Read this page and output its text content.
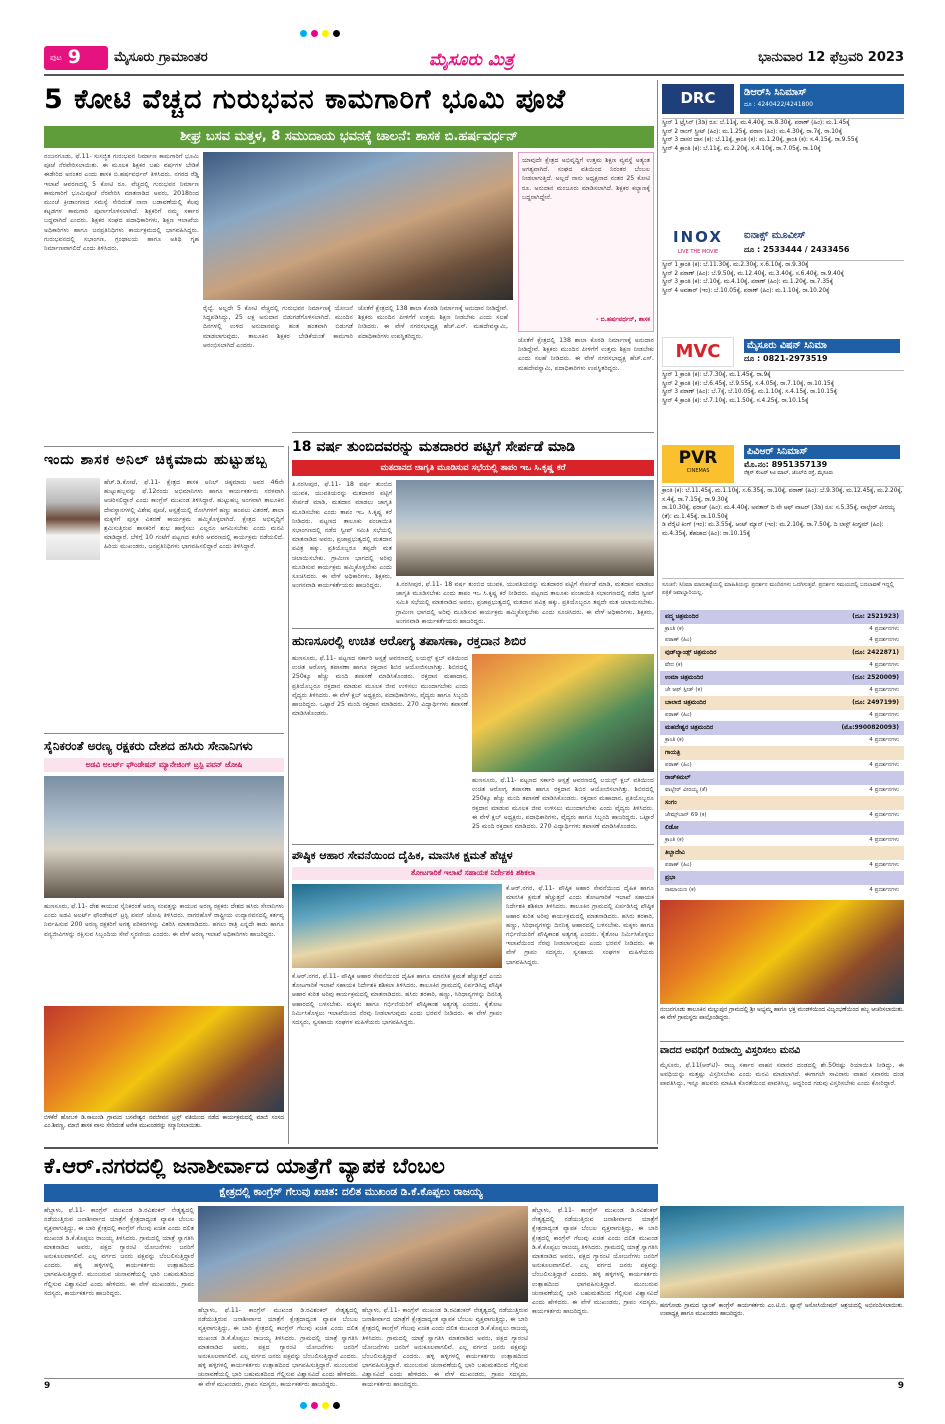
ಪುಟ 9	ಮೈಸೂರು ಗ್ರಾಮಾಂತರ	ಮೈಸೂರು ಮಿತ್ರ	ಭಾನುವಾರ 12 ಫೆಬ್ರವರಿ 2023
5 ಕೋಟಿ ವೆಚ್ಚದ ಗುರುಭವನ ಕಾಮಗಾರಿಗೆ ಭೂಮಿ ಪೂಜೆ
ಶೀಘ್ರ ಬಸವ ಮತ್ತಳ, 8 ಸಮುದಾಯ ಭವನಕ್ಕೆ ಚಾಲನೆ: ಶಾಸಕ ಬಿ.ಹರ್ಷವರ್ಧನ್
ನಂಜನಗೂಡು, ಫೆ.11- ಸುಸಜ್ಜಿತ ಗುರುಭವನ ನಿರ್ಮಾಣ ಕಾಮಗಾರಿಗೆ ಭೂಮಿ ಪೂಜೆ ನೆರವೇರಿಸಲಾಯಿತು. ಈ ಮೂಲಕ ಶಿಕ್ಷಕರ ಬಹು ವರ್ಷಗಳ ಬೇಡಿಕೆ ಈಡೇರಿದ ಅನಂತರ ಎಂದು ಶಾಸಕ ಬಿ.ಹರ್ಷವರ್ಧನ್ ತಿಳಿಸಿದರು. ನಗರದ ರೆಡ್ಡಿ ಇಲಾಖೆ ಆವರಣದಲ್ಲಿ 5 ಕೋಟಿ ರೂ. ವೆಚ್ಚದಲ್ಲಿ ಗುರುಭವನ ನಿರ್ಮಾಣ ಕಾಮಗಾರಿಗೆ ಭೂಮಿಪೂಜೆ ನೆರವೇರಿಸಿ ಮಾತನಾಡಿದ ಅವರು, 2018ರಿಂದ ಮುಂಚೆ ಕ್ರೀಡಾಂಗಣದ ಸಮಸ್ಯೆ ಸೇರಿದಂತೆ ನಾನಾ ಬಡಾವಣೆಯಲ್ಲಿ ಕೆಲವು ಕಟ್ಟಡಗಳ ಕಾಮಗಾರಿ ಪೂರ್ಣಗೊಳಿಸಲಾಗಿದೆ. ಶಿಕ್ಷಕರಿಗೆ ನಮ್ಮ ಸರ್ಕಾರ ಬದ್ಧವಾಗಿದೆ ಎಂದರು. ಶಿಕ್ಷಕರ ಸಂಘದ ಪದಾಧಿಕಾರಿಗಳು, ಶಿಕ್ಷಣ ಇಲಾಖೆಯ ಅಧಿಕಾರಿಗಳು ಹಾಗೂ ಜನಪ್ರತಿನಿಧಿಗಳು ಕಾರ್ಯಕ್ರಮದಲ್ಲಿ ಭಾಗವಹಿಸಿದ್ದರು. ಗುರುಭವನದಲ್ಲಿ ಸಭಾಂಗಣ, ಗ್ರಂಥಾಲಯ ಹಾಗೂ ಅತಿಥಿ ಗೃಹ ನಿರ್ಮಾಣವಾಗಲಿದೆ ಎಂದು ತಿಳಿಸಿದರು.
ರೈಲ್ವೆ. ಅಲ್ಲದೇ 5 ಕೋಟಿ ವೆಚ್ಚದಲ್ಲಿ ಗುರುಭವನ ನಿರ್ಮಾಣಕ್ಕೆ ಯೋಜನೆ ಸಿದ್ಧಪಡಿಸಿದ್ದು, 25 ಲಕ್ಷ ಅನುದಾನ ಬಿಡುಗಡೆಗೊಳಿಸಲಾಗಿದೆ. ಮುಂದಿನ ದಿನಗಳಲ್ಲಿ ಉಳಿದ ಅನುದಾನವನ್ನು ಹಂತ ಹಂತವಾಗಿ ಬಿಡುಗಡೆ ಮಾಡಲಾಗುವುದು. ತಾಲೂಕಿನ ಶಿಕ್ಷಕರ ಬೇಡಿಕೆಯಂತೆ ಕಾಮಗಾರಿ ಆರಂಭಿಸಲಾಗಿದೆ ಎಂದರು.
ಜೊತೆಗೆ ಕ್ಷೇತ್ರದಲ್ಲಿ 138 ಶಾಲಾ ಕೊಠಡಿ ನಿರ್ಮಾಣಕ್ಕೆ ಅನುದಾನ ನೀಡಿದ್ದೇವೆ. ಶಿಕ್ಷಕರು ಮುಂದಿನ ಪೀಳಿಗೆಗೆ ಉತ್ತಮ ಶಿಕ್ಷಣ ನೀಡಬೇಕು ಎಂದು ಸಲಹೆ ನೀಡಿದರು. ಈ ವೇಳೆ ನಗರಸಭಾಧ್ಯಕ್ಷ ಹೆಚ್.ಎಸ್. ಮಹದೇವಸ್ವಾಮಿ, ಪದಾಧಿಕಾರಿಗಳು ಉಪಸ್ಥಿತರಿದ್ದರು.
ಯಾವುದೇ ಕ್ಷೇತ್ರದ ಅಭಿವೃದ್ಧಿಗೆ ಉತ್ತಮ ಶಿಕ್ಷಣ ವ್ಯವಸ್ಥೆ ಅತ್ಯಂತ ಅಗತ್ಯವಾಗಿದೆ. ಸಂಘದ ವತಿಯಿಂದ ನಿರಂತರ ಬೆಂಬಲ ನೀಡಲಾಗುತ್ತಿದೆ. ಅಲ್ಲದೆ ನಾನು ಅಧ್ಯಕ್ಷನಾದ ನಂತರ 25 ಕೋಟಿ ರೂ. ಅನುದಾನ ಮಂಜೂರು ಮಾಡಿಸಲಾಗಿದೆ. ಶಿಕ್ಷಕರ ಕಲ್ಯಾಣಕ್ಕೆ ಬದ್ಧನಾಗಿದ್ದೇನೆ.
- ಬಿ.ಹರ್ಷವರ್ಧನ್, ಶಾಸಕ
ಜೊತೆಗೆ ಕ್ಷೇತ್ರದಲ್ಲಿ 138 ಶಾಲಾ ಕೊಠಡಿ ನಿರ್ಮಾಣಕ್ಕೆ ಅನುದಾನ ನೀಡಿದ್ದೇವೆ. ಶಿಕ್ಷಕರು ಮುಂದಿನ ಪೀಳಿಗೆಗೆ ಉತ್ತಮ ಶಿಕ್ಷಣ ನೀಡಬೇಕು ಎಂದು ಸಲಹೆ ನೀಡಿದರು. ಈ ವೇಳೆ ನಗರಸಭಾಧ್ಯಕ್ಷ ಹೆಚ್.ಎಸ್. ಮಹದೇವಸ್ವಾಮಿ, ಪದಾಧಿಕಾರಿಗಳು ಉಪಸ್ಥಿತರಿದ್ದರು.
ಇಂದು ಶಾಸಕ ಅನಿಲ್ ಚಿಕ್ಕಮಾದು ಹುಟ್ಟುಹಬ್ಬ
ಹೆಚ್.ಡಿ.ಕೋಟೆ, ಫೆ.11- ಕ್ಷೇತ್ರದ ಶಾಸಕ ಅನಿಲ್ ಚಿಕ್ಕಮಾದು ಅವರ 46ನೇ ಹುಟ್ಟುಹಬ್ಬವನ್ನು ಫೆ.12ರಂದು ಅಭಿಮಾನಿಗಳು ಹಾಗೂ ಕಾರ್ಯಕರ್ತರು ಸರಳವಾಗಿ ಆಚರಿಸಲಿದ್ದಾರೆ ಎಂದು ಕಾಂಗ್ರೆಸ್ ಮುಖಂಡ ತಿಳಿಸಿದ್ದಾರೆ. ಹುಟ್ಟುಹಬ್ಬ ಅಂಗವಾಗಿ ತಾಲೂಕಿನ ದೇವಸ್ಥಾನಗಳಲ್ಲಿ ವಿಶೇಷ ಪೂಜೆ, ಆಸ್ಪತ್ರೆಯಲ್ಲಿ ರೋಗಿಗಳಿಗೆ ಹಣ್ಣು ಹಂಪಲು ವಿತರಣೆ, ಶಾಲಾ ಮಕ್ಕಳಿಗೆ ಪುಸ್ತಕ ವಿತರಣೆ ಕಾರ್ಯಕ್ರಮ ಹಮ್ಮಿಕೊಳ್ಳಲಾಗಿದೆ. ಕ್ಷೇತ್ರದ ಅಭಿವೃದ್ಧಿಗೆ ಶ್ರಮಿಸುತ್ತಿರುವ ಶಾಸಕರಿಗೆ ಶುಭ ಹಾರೈಸಲು ಎಲ್ಲರೂ ಆಗಮಿಸಬೇಕು ಎಂದು ಮನವಿ ಮಾಡಿದ್ದಾರೆ. ಬೆಳಿಗ್ಗೆ 10 ಗಂಟೆಗೆ ಪಟ್ಟಣದ ಕಚೇರಿ ಆವರಣದಲ್ಲಿ ಕಾರ್ಯಕ್ರಮ ನಡೆಯಲಿದೆ. ಹಿರಿಯ ಮುಖಂಡರು, ಜನಪ್ರತಿನಿಧಿಗಳು ಭಾಗವಹಿಸಲಿದ್ದಾರೆ ಎಂದು ತಿಳಿಸಿದ್ದಾರೆ.
ಸೈನಿಕರಂತೆ ಅರಣ್ಯ ರಕ್ಷಕರು ದೇಶದ ಹಸಿರು ಸೇನಾನಿಗಳು
ಅಡವಿ ಅಲರ್ಟ್ ಫೌಂಡೇಷನ್ ಮ್ಯಾನೇಜಿಂಗ್ ಟ್ರಸ್ಟಿ ಪವನ್ ಜೋಷಿ
ಹುಣಸೂರು, ಫೆ.11- ದೇಶ ಕಾಯುವ ಸೈನಿಕರಂತೆ ಅರಣ್ಯ ಸಂಪತ್ತನ್ನು ಕಾಯುವ ಅರಣ್ಯ ರಕ್ಷಕರು ದೇಶದ ಹಸಿರು ಸೇನಾನಿಗಳು ಎಂದು ಅಡವಿ ಅಲರ್ಟ್ ಫೌಂಡೇಷನ್ ಟ್ರಸ್ಟಿ ಪವನ್ ಜೋಷಿ ತಿಳಿಸಿದರು. ನಾಗರಹೊಳೆ ರಾಷ್ಟ್ರೀಯ ಉದ್ಯಾನವನದಲ್ಲಿ ಕರ್ತವ್ಯ ನಿರ್ವಹಿಸುವ 200 ಅರಣ್ಯ ರಕ್ಷಕರಿಗೆ ಅಗತ್ಯ ಪರಿಕರಗಳನ್ನು ವಿತರಿಸಿ ಮಾತನಾಡಿದರು. ಹಗಲು ರಾತ್ರಿ ಎನ್ನದೇ ಕಾಡು ಹಾಗೂ ವನ್ಯಜೀವಿಗಳನ್ನು ರಕ್ಷಿಸುವ ಸಿಬ್ಬಂದಿಯ ಸೇವೆ ಸ್ಮರಣೀಯ ಎಂದರು. ಈ ವೇಳೆ ಅರಣ್ಯ ಇಲಾಖೆ ಅಧಿಕಾರಿಗಳು ಹಾಜರಿದ್ದರು.
ಬಿಳಿಕೆರೆ ಹೋಬಳಿ ಡಿ.ಸಾಲುಂಡಿ ಗ್ರಾಮದ ಬಸವೇಶ್ವರ ನವಜೀವನ ಟ್ರಸ್ಟ್ ವತಿಯಿಂದ ನಡೆದ ಕಾರ್ಯಕ್ರಮದಲ್ಲಿ ಮಾಜಿ ಸಂಸದ ಎಂ.ಶಿವಣ್ಣ, ಮಾಜಿ ಶಾಸಕ ವಾಸು ಸೇರಿದಂತೆ ಅನೇಕ ಮುಖಂಡರನ್ನು ಸನ್ಮಾನಿಸಲಾಯಿತು.
18 ವರ್ಷ ತುಂಬಿದವರನ್ನು ಮತದಾರರ ಪಟ್ಟಿಗೆ ಸೇರ್ಪಡೆ ಮಾಡಿ
ಮತದಾನದ ಜಾಗೃತಿ ಮೂಡಿಸುವ ಸಭೆಯಲ್ಲಿ ತಾಪಂ ಇಒ ಸಿ.ಕೃಷ್ಣ ಕರೆ
ತಿ.ನರಸೀಪುರ, ಫೆ.11- 18 ವರ್ಷ ತುಂಬಿದ ಯುವಕ, ಯುವತಿಯರನ್ನು ಮತದಾರರ ಪಟ್ಟಿಗೆ ಸೇರ್ಪಡೆ ಮಾಡಿ, ಮತದಾನ ಮಾಡಲು ಜಾಗೃತಿ ಮೂಡಿಸಬೇಕು ಎಂದು ತಾಪಂ ಇಒ ಸಿ.ಕೃಷ್ಣ ಕರೆ ನೀಡಿದರು. ಪಟ್ಟಣದ ತಾಲೂಕು ಪಂಚಾಯಿತಿ ಸಭಾಂಗಣದಲ್ಲಿ ನಡೆದ ಸ್ವೀಪ್ ಸಮಿತಿ ಸಭೆಯಲ್ಲಿ ಮಾತನಾಡಿದ ಅವರು, ಪ್ರಜಾಪ್ರಭುತ್ವದಲ್ಲಿ ಮತದಾನ ಪವಿತ್ರ ಹಕ್ಕು. ಪ್ರತಿಯೊಬ್ಬರೂ ತಪ್ಪದೇ ಮತ ಚಲಾಯಿಸಬೇಕು. ಗ್ರಾಮೀಣ ಭಾಗದಲ್ಲಿ ಅರಿವು ಮೂಡಿಸುವ ಕಾರ್ಯಕ್ರಮ ಹಮ್ಮಿಕೊಳ್ಳಬೇಕು ಎಂದು ಸೂಚಿಸಿದರು. ಈ ವೇಳೆ ಅಧಿಕಾರಿಗಳು, ಶಿಕ್ಷಕರು, ಅಂಗನವಾಡಿ ಕಾರ್ಯಕರ್ತೆಯರು ಹಾಜರಿದ್ದರು.	ತಿ.ನರಸೀಪುರ, ಫೆ.11- 18 ವರ್ಷ ತುಂಬಿದ ಯುವಕ, ಯುವತಿಯರನ್ನು ಮತದಾರರ ಪಟ್ಟಿಗೆ ಸೇರ್ಪಡೆ ಮಾಡಿ, ಮತದಾನ ಮಾಡಲು ಜಾಗೃತಿ ಮೂಡಿಸಬೇಕು ಎಂದು ತಾಪಂ ಇಒ ಸಿ.ಕೃಷ್ಣ ಕರೆ ನೀಡಿದರು. ಪಟ್ಟಣದ ತಾಲೂಕು ಪಂಚಾಯಿತಿ ಸಭಾಂಗಣದಲ್ಲಿ ನಡೆದ ಸ್ವೀಪ್ ಸಮಿತಿ ಸಭೆಯಲ್ಲಿ ಮಾತನಾಡಿದ ಅವರು, ಪ್ರಜಾಪ್ರಭುತ್ವದಲ್ಲಿ ಮತದಾನ ಪವಿತ್ರ ಹಕ್ಕು. ಪ್ರತಿಯೊಬ್ಬರೂ ತಪ್ಪದೇ ಮತ ಚಲಾಯಿಸಬೇಕು. ಗ್ರಾಮೀಣ ಭಾಗದಲ್ಲಿ ಅರಿವು ಮೂಡಿಸುವ ಕಾರ್ಯಕ್ರಮ ಹಮ್ಮಿಕೊಳ್ಳಬೇಕು ಎಂದು ಸೂಚಿಸಿದರು. ಈ ವೇಳೆ ಅಧಿಕಾರಿಗಳು, ಶಿಕ್ಷಕರು, ಅಂಗನವಾಡಿ ಕಾರ್ಯಕರ್ತೆಯರು ಹಾಜರಿದ್ದರು.
ಹುಣಸೂರಲ್ಲಿ ಉಚಿತ ಆರೋಗ್ಯ ತಪಾಸಣಾ, ರಕ್ತದಾನ ಶಿಬಿರ
ಹುಣಸೂರು, ಫೆ.11- ಪಟ್ಟಣದ ಸರ್ಕಾರಿ ಆಸ್ಪತ್ರೆ ಆವರಣದಲ್ಲಿ ಲಯನ್ಸ್ ಕ್ಲಬ್ ವತಿಯಿಂದ ಉಚಿತ ಆರೋಗ್ಯ ತಪಾಸಣಾ ಹಾಗೂ ರಕ್ತದಾನ ಶಿಬಿರ ಆಯೋಜಿಸಲಾಗಿತ್ತು. ಶಿಬಿರದಲ್ಲಿ 250ಕ್ಕೂ ಹೆಚ್ಚು ಮಂದಿ ತಪಾಸಣೆ ಮಾಡಿಸಿಕೊಂಡರು. ರಕ್ತದಾನ ಮಹಾದಾನ, ಪ್ರತಿಯೊಬ್ಬರೂ ರಕ್ತದಾನ ಮಾಡುವ ಮೂಲಕ ಜೀವ ಉಳಿಸಲು ಮುಂದಾಗಬೇಕು ಎಂದು ವೈದ್ಯರು ತಿಳಿಸಿದರು. ಈ ವೇಳೆ ಕ್ಲಬ್ ಅಧ್ಯಕ್ಷರು, ಪದಾಧಿಕಾರಿಗಳು, ವೈದ್ಯರು ಹಾಗೂ ಸಿಬ್ಬಂದಿ ಹಾಜರಿದ್ದರು. ಒಟ್ಟಾರೆ 25 ಮಂದಿ ರಕ್ತದಾನ ಮಾಡಿದರು. 270 ವಿದ್ಯಾರ್ಥಿಗಳು ತಪಾಸಣೆ ಮಾಡಿಸಿಕೊಂಡರು.
ಹುಣಸೂರು, ಫೆ.11- ಪಟ್ಟಣದ ಸರ್ಕಾರಿ ಆಸ್ಪತ್ರೆ ಆವರಣದಲ್ಲಿ ಲಯನ್ಸ್ ಕ್ಲಬ್ ವತಿಯಿಂದ ಉಚಿತ ಆರೋಗ್ಯ ತಪಾಸಣಾ ಹಾಗೂ ರಕ್ತದಾನ ಶಿಬಿರ ಆಯೋಜಿಸಲಾಗಿತ್ತು. ಶಿಬಿರದಲ್ಲಿ 250ಕ್ಕೂ ಹೆಚ್ಚು ಮಂದಿ ತಪಾಸಣೆ ಮಾಡಿಸಿಕೊಂಡರು. ರಕ್ತದಾನ ಮಹಾದಾನ, ಪ್ರತಿಯೊಬ್ಬರೂ ರಕ್ತದಾನ ಮಾಡುವ ಮೂಲಕ ಜೀವ ಉಳಿಸಲು ಮುಂದಾಗಬೇಕು ಎಂದು ವೈದ್ಯರು ತಿಳಿಸಿದರು. ಈ ವೇಳೆ ಕ್ಲಬ್ ಅಧ್ಯಕ್ಷರು, ಪದಾಧಿಕಾರಿಗಳು, ವೈದ್ಯರು ಹಾಗೂ ಸಿಬ್ಬಂದಿ ಹಾಜರಿದ್ದರು. ಒಟ್ಟಾರೆ 25 ಮಂದಿ ರಕ್ತದಾನ ಮಾಡಿದರು. 270 ವಿದ್ಯಾರ್ಥಿಗಳು ತಪಾಸಣೆ ಮಾಡಿಸಿಕೊಂಡರು.
ಪೌಷ್ಠಿಕ ಆಹಾರ ಸೇವನೆಯಿಂದ ದೈಹಿಕ, ಮಾನಸಿಕ ಕ್ಷಮತೆ ಹೆಚ್ಚಳ
ತೋಟಗಾರಿಕೆ ಇಲಾಖೆ ಸಹಾಯಕ ನಿರ್ದೇಶಕಿ ಶಶಿಕಲಾ
ಕೆ.ಆರ್.ನಗರ, ಫೆ.11- ಪೌಷ್ಠಿಕ ಆಹಾರ ಸೇವನೆಯಿಂದ ದೈಹಿಕ ಹಾಗೂ ಮಾನಸಿಕ ಕ್ಷಮತೆ ಹೆಚ್ಚುತ್ತದೆ ಎಂದು ತೋಟಗಾರಿಕೆ ಇಲಾಖೆ ಸಹಾಯಕ ನಿರ್ದೇಶಕಿ ಶಶಿಕಲಾ ತಿಳಿಸಿದರು. ತಾಲೂಕಿನ ಗ್ರಾಮದಲ್ಲಿ ಏರ್ಪಡಿಸಿದ್ದ ಪೌಷ್ಠಿಕ ಆಹಾರ ಕುರಿತ ಅರಿವು ಕಾರ್ಯಕ್ರಮದಲ್ಲಿ ಮಾತನಾಡಿದರು. ಹಸಿರು ತರಕಾರಿ, ಹಣ್ಣು, ಸಿರಿಧಾನ್ಯಗಳನ್ನು ದಿನನಿತ್ಯ ಆಹಾರದಲ್ಲಿ ಬಳಸಬೇಕು. ಮಕ್ಕಳು ಹಾಗೂ ಗರ್ಭಿಣಿಯರಿಗೆ ಪೌಷ್ಠಿಕಾಂಶ ಅತ್ಯಗತ್ಯ ಎಂದರು. ಕೈತೋಟ ನಿರ್ಮಿಸಿಕೊಳ್ಳಲು ಇಲಾಖೆಯಿಂದ ನೆರವು ನೀಡಲಾಗುವುದು ಎಂದು ಭರವಸೆ ನೀಡಿದರು. ಈ ವೇಳೆ ಗ್ರಾಪಂ ಸದಸ್ಯರು, ಸ್ವಸಹಾಯ ಸಂಘಗಳ ಮಹಿಳೆಯರು ಭಾಗವಹಿಸಿದ್ದರು.
ಕೆ.ಆರ್.ನಗರ, ಫೆ.11- ಪೌಷ್ಠಿಕ ಆಹಾರ ಸೇವನೆಯಿಂದ ದೈಹಿಕ ಹಾಗೂ ಮಾನಸಿಕ ಕ್ಷಮತೆ ಹೆಚ್ಚುತ್ತದೆ ಎಂದು ತೋಟಗಾರಿಕೆ ಇಲಾಖೆ ಸಹಾಯಕ ನಿರ್ದೇಶಕಿ ಶಶಿಕಲಾ ತಿಳಿಸಿದರು. ತಾಲೂಕಿನ ಗ್ರಾಮದಲ್ಲಿ ಏರ್ಪಡಿಸಿದ್ದ ಪೌಷ್ಠಿಕ ಆಹಾರ ಕುರಿತ ಅರಿವು ಕಾರ್ಯಕ್ರಮದಲ್ಲಿ ಮಾತನಾಡಿದರು. ಹಸಿರು ತರಕಾರಿ, ಹಣ್ಣು, ಸಿರಿಧಾನ್ಯಗಳನ್ನು ದಿನನಿತ್ಯ ಆಹಾರದಲ್ಲಿ ಬಳಸಬೇಕು. ಮಕ್ಕಳು ಹಾಗೂ ಗರ್ಭಿಣಿಯರಿಗೆ ಪೌಷ್ಠಿಕಾಂಶ ಅತ್ಯಗತ್ಯ ಎಂದರು. ಕೈತೋಟ ನಿರ್ಮಿಸಿಕೊಳ್ಳಲು ಇಲಾಖೆಯಿಂದ ನೆರವು ನೀಡಲಾಗುವುದು ಎಂದು ಭರವಸೆ ನೀಡಿದರು. ಈ ವೇಳೆ ಗ್ರಾಪಂ ಸದಸ್ಯರು, ಸ್ವಸಹಾಯ ಸಂಘಗಳ ಮಹಿಳೆಯರು ಭಾಗವಹಿಸಿದ್ದರು.
DRC	ಡಿಆರ್‌ಸಿ ಸಿನಿಮಾಸ್
ದೂ : 4240422/4241800
ಸ್ಕ್ರೀನ್ 1 ಟ್ರೈಸಿನ್ (3ಡಿ) ರೂ: ಬೆ.11ಕ್ಕೆ, ಮ.4.40ಕ್ಕೆ, ರಾ.8.30ಕ್ಕೆ, ಪಠಾಣ್ (ಹಿಂ): ಮ.1.45ಕ್ಕೆ
ಸ್ಕ್ರೀನ್ 2 ರಾಂಗ್ ಸ್ಟ್ರೀಟ್ (ಹಿಂ): ಮ.1.25ಕ್ಕೆ, ಪಠಾಣ (ಹಿಂ): ಮ.4.30ಕ್ಕೆ, ರಾ.7ಕ್ಕೆ, ರಾ.10ಕ್ಕೆ
ಸ್ಕ್ರೀನ್ 3 ದಾಸರ ದಾಸ (ಕ): ಬೆ.11ಕ್ಕೆ, ಕ್ರಾಂತಿ (ಕ): ಮ.1.20ಕ್ಕೆ, ಕ್ರಾಂತಿ (ಕ): ಸ.4.15ಕ್ಕೆ, ರಾ.9.55ಕ್ಕೆ
ಸ್ಕ್ರೀನ್ 4 ಕ್ರಾಂತಿ (ಕ): ಬೆ.11ಕ್ಕೆ, ಮ.2.20ಕ್ಕೆ, ಸ.4.10ಕ್ಕೆ, ರಾ.7.05ಕ್ಕೆ, ರಾ.10ಕ್ಕೆ
INOX
LIVE THE MOVIE
ಐನಾಕ್ಸ್ ಮೂವೀಸ್
ದೂ : 2533444 / 2433456
ಸ್ಕ್ರೀನ್ 1 ಕ್ರಾಂತಿ (ಕ): ಬೆ.11.30ಕ್ಕೆ, ಮ.2.30ಕ್ಕೆ, ಸ.6.10ಕ್ಕೆ, ರಾ.9.30ಕ್ಕೆ
ಸ್ಕ್ರೀನ್ 2 ಪಠಾಣ್ (ಹಿಂ): ಬೆ.9.50ಕ್ಕೆ, ಮ.12.40ಕ್ಕೆ, ಮ.3.40ಕ್ಕೆ, ಸ.6.40ಕ್ಕೆ, ರಾ.9.40ಕ್ಕೆ
ಸ್ಕ್ರೀನ್ 3 ಕ್ರಾಂತಿ (ಕ): ಬೆ.10ಕ್ಕೆ, ಮ.4.10ಕ್ಕೆ, ಪಠಾಣ್ (ಹಿಂ): ಮ.1.20ಕ್ಕೆ, ರಾ.7.35ಕ್ಕೆ
ಸ್ಕ್ರೀನ್ 4 ಅವತಾರ್ (ಇಂ): ಬೆ.10.05ಕ್ಕೆ, ಪಠಾಣ್ (ಹಿಂ): ಮ.1.10ಕ್ಕೆ, ರಾ.10.20ಕ್ಕೆ
MVC	ಮೈಸೂರು ವಿಷನ್ ಸಿನಿಮಾ
ದೂ : 0821-2973519
ಸ್ಕ್ರೀನ್ 1 ಕ್ರಾಂತಿ (ಕ): ಬೆ.7.30ಕ್ಕೆ, ಮ.1.45ಕ್ಕೆ, ರಾ.9ಕ್ಕೆ
ಸ್ಕ್ರೀನ್ 2 ಕ್ರಾಂತಿ (ಕ): ಬೆ.6.45ಕ್ಕೆ, ಬೆ.9.55ಕ್ಕೆ, ಸ.4.05ಕ್ಕೆ, ರಾ.7.10ಕ್ಕೆ, ರಾ.10.15ಕ್ಕೆ
ಸ್ಕ್ರೀನ್ 3 ಪಠಾಣ್ (ಹಿಂ): ಬೆ.7ಕ್ಕೆ, ಬೆ.10.05ಕ್ಕೆ, ಮ.1.10ಕ್ಕೆ, ಸ.4.15ಕ್ಕೆ, ರಾ.10.15ಕ್ಕೆ
ಸ್ಕ್ರೀನ್ 4 ಕ್ರಾಂತಿ (ಕ): ಬೆ.7.10ಕ್ಕೆ, ಮ.1.50ಕ್ಕೆ, ಸ.4.25ಕ್ಕೆ, ರಾ.10.15ಕ್ಕೆ
PVR
CINEMAS
ಪಿವಿಆರ್ ಸಿನಿಮಾಸ್
ಮೊ.ನಂ: 8951357139
ನೆಕ್ಸಸ್ ಸೆಂಟರ್ ಸಿಟಿ ಮಾಲ್, ಜೆಎಲ್‌ಬಿ ರಸ್ತೆ, ಮೈಸೂರು
ಕ್ರಾಂತಿ (ಕ): ಬೆ.11.45ಕ್ಕೆ, ಮ.1.10ಕ್ಕೆ, ಸ.6.35ಕ್ಕೆ, ರಾ.10ಕ್ಕೆ, ಪಠಾಣ್ (ಹಿಂ): ಬೆ.9.30ಕ್ಕೆ, ಮ.12.45ಕ್ಕೆ, ಮ.2.20ಕ್ಕೆ, ಸ.4ಕ್ಕೆ, ರಾ.7.15ಕ್ಕೆ, ರಾ.9.30ಕ್ಕೆ
ರಾ.10.30ಕ್ಕೆ, ಫರಾಜ್ (ಹಿಂ): ಮ.4.40ಕ್ಕೆ, ಅವತಾರ್ ದಿ ವೇ ಆಫ್ ವಾಟರ್ (3ಡಿ) ರೂ: ಸ.5.35ಕ್ಕೆ, ವಾಲ್ಟೇರ್ ವೀರಯ್ಯ (ತೆ): ಮ.1.45ಕ್ಕೆ, ರಾ.10.50ಕ್ಕೆ
ಡಿ ವೆರೈಟಿ ಕಿಂಗ್ (ಇಂ): ಮ.3.55ಕ್ಕೆ, ಆಂಟ್ ಮ್ಯಾನ್ (ಇಂ): ಮ.2.10ಕ್ಕೆ, ರಾ.7.50ಕ್ಕೆ, ದಿ ಲಾಸ್ಟ್ ಕಿಂಗ್ಡಮ್ (ಹಿಂ): ಮ.4.35ಕ್ಕೆ, ಶೆಹಜಾದ (ಹಿಂ): ರಾ.10.15ಕ್ಕೆ
ಸೂಚನೆ: ಸಿನಿಮಾ ಮಾರುಕಟ್ಟೆಯಲ್ಲಿ ಮಾಹಿತಿಯನ್ನು ಪ್ರದರ್ಶನ ಮಂದಿರಗಳು ಒದಗಿಸುತ್ತವೆ. ಪ್ರದರ್ಶನ ಸಮಯದಲ್ಲಿ ಬದಲಾವಣೆ ಇದ್ದಲ್ಲಿ ಪತ್ರಿಕೆ ಜವಾಬ್ದಾರಿಯಲ್ಲ.
ಪದ್ಮ ಚಿತ್ರಮಂದಿರ	(ದೂ: 2521923)
ಕ್ರಾಂತಿ (ಕ)	4 ಪ್ರದರ್ಶನಗಳು
ಪಠಾಣ್ (ಹಿಂ)	4 ಪ್ರದರ್ಶನಗಳು
ವುಡ್‌ಲ್ಯಾಂಡ್ಸ್ ಚಿತ್ರಮಂದಿರ	(ದೂ: 2422871)
ವೇದ (ಕ)	4 ಪ್ರದರ್ಶನಗಳು
ಉಮಾ ಚಿತ್ರಮಂದಿರ	(ದೂ: 2520009)
ಜೇ ಆಫ್ ಸ್ಪೀಡ್ (ಕ)	4 ಪ್ರದರ್ಶನಗಳು
ಬಾಲಾಜಿ ಚಿತ್ರಮಂದಿರ	(ದೂ: 2497199)
ಪಠಾಣ್ (ಹಿಂ)	4 ಪ್ರದರ್ಶನಗಳು
ಮಹದೇಶ್ವರ ಚಿತ್ರಮಂದಿರ	(ಮೊ:9900820093)
ಕ್ರಾಂತಿ (ಕ)	4 ಪ್ರದರ್ಶನಗಳು
ಗಾಯತ್ರಿ
ಪಠಾಣ್ (ಹಿಂ)	4 ಪ್ರದರ್ಶನಗಳು
ರಾಜ್‌ಕಮಲ್
ವಾಲ್ಟೇರ್ ವೀರಯ್ಯ (ತೆ)	4 ಪ್ರದರ್ಶನಗಳು
ಸಂಗಂ
ಜೇಮ್ಸ್‌ಬಾನ್ 69 (ಕ)	4 ಪ್ರದರ್ಶನಗಳು
ಲಿಡೋ
ಕ್ರಾಂತಿ (ಕ)	4 ಪ್ರದರ್ಶನಗಳು
ತಿಬ್ಬಾದೇವಿ
ಪಠಾಣ್ (ಹಿಂ)	4 ಪ್ರದರ್ಶನಗಳು
ಪ್ರಭಾ
ರಾಮಾಯಣ (ಕ)	4 ಪ್ರದರ್ಶನಗಳು
ನಂಜನಗೂಡು ತಾಲೂಕಿನ ಮಲ್ಲುಪುರ ಗ್ರಾಮದಲ್ಲಿ ಶ್ರೀ ಅಭ್ಯಮ್ಮ ಹಾಗೂ ಭಕ್ತ ಮಂಡಳಿಯಿಂದ ವಿಜೃಂಭಣೆಯಿಂದ ಹಬ್ಬ ಆಚರಿಸಲಾಯಿತು. ಈ ವೇಳೆ ಗ್ರಾಮಸ್ಥರು ಪಾಲ್ಗೊಂಡಿದ್ದರು.
ವಾದದ ಅವಧಿಗೆ ರಿಯಾಯ್ತಿ ವಿಸ್ತರಿಸಲು ಮನವಿ
ಮೈಸೂರು, ಫೆ.11(ಆರ್‌ಟಿ)- ರಾಜ್ಯ ಸರ್ಕಾರ ವಾಹನ ಸವಾರರ ದಂಡದಲ್ಲಿ ಶೇ.50ರಷ್ಟು ರಿಯಾಯಿತಿ ನೀಡಿದ್ದು, ಈ ಅವಧಿಯನ್ನು ಮತ್ತಷ್ಟು ವಿಸ್ತರಿಸಬೇಕು ಎಂದು ಮನವಿ ಮಾಡಲಾಗಿದೆ. ಈಗಾಗಲೇ ಸಾವಿರಾರು ವಾಹನ ಸವಾರರು ದಂಡ ಪಾವತಿಸಿದ್ದು, ಇನ್ನೂ ಹಲವರು ಮಾಹಿತಿ ಕೊರತೆಯಿಂದ ಪಾವತಿಸಿಲ್ಲ. ಆದ್ದರಿಂದ ಗಡುವು ವಿಸ್ತರಿಸಬೇಕು ಎಂದು ಕೋರಿದ್ದಾರೆ.
ಕೆ.ಆರ್.ನಗರದಲ್ಲಿ ಜನಾಶೀರ್ವಾದ ಯಾತ್ರೆಗೆ ವ್ಯಾಪಕ ಬೆಂಬಲ
ಕ್ಷೇತ್ರದಲ್ಲಿ ಕಾಂಗ್ರೆಸ್ ಗೆಲುವು ಖಚಿತ: ದಲಿತ ಮುಖಂಡ ಡಿ.ಕೆ.ಕೊಪ್ಪಲು ರಾಜಯ್ಯ
ಹೆಬ್ಬಾಳು, ಫೆ.11- ಕಾಂಗ್ರೆಸ್ ಮುಖಂಡ ಡಿ.ರವಿಶಂಕರ್ ನೇತೃತ್ವದಲ್ಲಿ ನಡೆಯುತ್ತಿರುವ ಜನಾಶೀರ್ವಾದ ಯಾತ್ರೆಗೆ ಕ್ಷೇತ್ರದಾದ್ಯಂತ ವ್ಯಾಪಕ ಬೆಂಬಲ ವ್ಯಕ್ತವಾಗುತ್ತಿದ್ದು, ಈ ಬಾರಿ ಕ್ಷೇತ್ರದಲ್ಲಿ ಕಾಂಗ್ರೆಸ್ ಗೆಲುವು ಖಚಿತ ಎಂದು ದಲಿತ ಮುಖಂಡ ಡಿ.ಕೆ.ಕೊಪ್ಪಲು ರಾಜಯ್ಯ ತಿಳಿಸಿದರು. ಗ್ರಾಮದಲ್ಲಿ ಯಾತ್ರೆ ಸ್ವಾಗತಿಸಿ ಮಾತನಾಡಿದ ಅವರು, ಪಕ್ಷದ ಗ್ಯಾರಂಟಿ ಯೋಜನೆಗಳು ಜನರಿಗೆ ಅನುಕೂಲವಾಗಲಿವೆ. ಎಲ್ಲ ವರ್ಗದ ಜನರು ಪಕ್ಷವನ್ನು ಬೆಂಬಲಿಸುತ್ತಿದ್ದಾರೆ ಎಂದರು. ಹಳ್ಳಿ ಹಳ್ಳಿಗಳಲ್ಲಿ ಕಾರ್ಯಕರ್ತರು ಉತ್ಸಾಹದಿಂದ ಭಾಗವಹಿಸುತ್ತಿದ್ದಾರೆ. ಮುಂಬರುವ ಚುನಾವಣೆಯಲ್ಲಿ ಭಾರಿ ಬಹುಮತದಿಂದ ಗೆಲ್ಲಿಸುವ ವಿಶ್ವಾಸವಿದೆ ಎಂದು ಹೇಳಿದರು. ಈ ವೇಳೆ ಮುಖಂಡರು, ಗ್ರಾಪಂ ಸದಸ್ಯರು, ಕಾರ್ಯಕರ್ತರು ಹಾಜರಿದ್ದರು.
ಹೆಬ್ಬಾಳು, ಫೆ.11- ಕಾಂಗ್ರೆಸ್ ಮುಖಂಡ ಡಿ.ರವಿಶಂಕರ್ ನೇತೃತ್ವದಲ್ಲಿ ನಡೆಯುತ್ತಿರುವ ಜನಾಶೀರ್ವಾದ ಯಾತ್ರೆಗೆ ಕ್ಷೇತ್ರದಾದ್ಯಂತ ವ್ಯಾಪಕ ಬೆಂಬಲ ವ್ಯಕ್ತವಾಗುತ್ತಿದ್ದು, ಈ ಬಾರಿ ಕ್ಷೇತ್ರದಲ್ಲಿ ಕಾಂಗ್ರೆಸ್ ಗೆಲುವು ಖಚಿತ ಎಂದು ದಲಿತ ಮುಖಂಡ ಡಿ.ಕೆ.ಕೊಪ್ಪಲು ರಾಜಯ್ಯ ತಿಳಿಸಿದರು. ಗ್ರಾಮದಲ್ಲಿ ಯಾತ್ರೆ ಸ್ವಾಗತಿಸಿ ಮಾತನಾಡಿದ ಅವರು, ಪಕ್ಷದ ಗ್ಯಾರಂಟಿ ಯೋಜನೆಗಳು ಜನರಿಗೆ ಅನುಕೂಲವಾಗಲಿವೆ. ಎಲ್ಲ ವರ್ಗದ ಜನರು ಪಕ್ಷವನ್ನು ಬೆಂಬಲಿಸುತ್ತಿದ್ದಾರೆ ಎಂದರು. ಹಳ್ಳಿ ಹಳ್ಳಿಗಳಲ್ಲಿ ಕಾರ್ಯಕರ್ತರು ಉತ್ಸಾಹದಿಂದ ಭಾಗವಹಿಸುತ್ತಿದ್ದಾರೆ. ಮುಂಬರುವ ಚುನಾವಣೆಯಲ್ಲಿ ಭಾರಿ ಬಹುಮತದಿಂದ ಗೆಲ್ಲಿಸುವ ವಿಶ್ವಾಸವಿದೆ ಎಂದು ಹೇಳಿದರು. ಈ ವೇಳೆ ಮುಖಂಡರು, ಗ್ರಾಪಂ ಸದಸ್ಯರು, ಕಾರ್ಯಕರ್ತರು ಹಾಜರಿದ್ದರು.
ಹೆಬ್ಬಾಳು, ಫೆ.11- ಕಾಂಗ್ರೆಸ್ ಮುಖಂಡ ಡಿ.ರವಿಶಂಕರ್ ನೇತೃತ್ವದಲ್ಲಿ ನಡೆಯುತ್ತಿರುವ ಜನಾಶೀರ್ವಾದ ಯಾತ್ರೆಗೆ ಕ್ಷೇತ್ರದಾದ್ಯಂತ ವ್ಯಾಪಕ ಬೆಂಬಲ ವ್ಯಕ್ತವಾಗುತ್ತಿದ್ದು, ಈ ಬಾರಿ ಕ್ಷೇತ್ರದಲ್ಲಿ ಕಾಂಗ್ರೆಸ್ ಗೆಲುವು ಖಚಿತ ಎಂದು ದಲಿತ ಮುಖಂಡ ಡಿ.ಕೆ.ಕೊಪ್ಪಲು ರಾಜಯ್ಯ ತಿಳಿಸಿದರು. ಗ್ರಾಮದಲ್ಲಿ ಯಾತ್ರೆ ಸ್ವಾಗತಿಸಿ ಮಾತನಾಡಿದ ಅವರು, ಪಕ್ಷದ ಗ್ಯಾರಂಟಿ ಯೋಜನೆಗಳು ಜನರಿಗೆ ಅನುಕೂಲವಾಗಲಿವೆ. ಎಲ್ಲ ವರ್ಗದ ಜನರು ಪಕ್ಷವನ್ನು ಬೆಂಬಲಿಸುತ್ತಿದ್ದಾರೆ ಎಂದರು. ಹಳ್ಳಿ ಹಳ್ಳಿಗಳಲ್ಲಿ ಕಾರ್ಯಕರ್ತರು ಉತ್ಸಾಹದಿಂದ ಭಾಗವಹಿಸುತ್ತಿದ್ದಾರೆ. ಮುಂಬರುವ ಚುನಾವಣೆಯಲ್ಲಿ ಭಾರಿ ಬಹುಮತದಿಂದ ಗೆಲ್ಲಿಸುವ ವಿಶ್ವಾಸವಿದೆ ಎಂದು ಹೇಳಿದರು. ಈ ವೇಳೆ ಮುಖಂಡರು, ಗ್ರಾಪಂ ಸದಸ್ಯರು, ಕಾರ್ಯಕರ್ತರು ಹಾಜರಿದ್ದರು.
ಹೆಬ್ಬಾಳು, ಫೆ.11- ಕಾಂಗ್ರೆಸ್ ಮುಖಂಡ ಡಿ.ರವಿಶಂಕರ್ ನೇತೃತ್ವದಲ್ಲಿ ನಡೆಯುತ್ತಿರುವ ಜನಾಶೀರ್ವಾದ ಯಾತ್ರೆಗೆ ಕ್ಷೇತ್ರದಾದ್ಯಂತ ವ್ಯಾಪಕ ಬೆಂಬಲ ವ್ಯಕ್ತವಾಗುತ್ತಿದ್ದು, ಈ ಬಾರಿ ಕ್ಷೇತ್ರದಲ್ಲಿ ಕಾಂಗ್ರೆಸ್ ಗೆಲುವು ಖಚಿತ ಎಂದು ದಲಿತ ಮುಖಂಡ ಡಿ.ಕೆ.ಕೊಪ್ಪಲು ರಾಜಯ್ಯ ತಿಳಿಸಿದರು. ಗ್ರಾಮದಲ್ಲಿ ಯಾತ್ರೆ ಸ್ವಾಗತಿಸಿ ಮಾತನಾಡಿದ ಅವರು, ಪಕ್ಷದ ಗ್ಯಾರಂಟಿ ಯೋಜನೆಗಳು ಜನರಿಗೆ ಅನುಕೂಲವಾಗಲಿವೆ. ಎಲ್ಲ ವರ್ಗದ ಜನರು ಪಕ್ಷವನ್ನು ಬೆಂಬಲಿಸುತ್ತಿದ್ದಾರೆ ಎಂದರು. ಹಳ್ಳಿ ಹಳ್ಳಿಗಳಲ್ಲಿ ಕಾರ್ಯಕರ್ತರು ಉತ್ಸಾಹದಿಂದ ಭಾಗವಹಿಸುತ್ತಿದ್ದಾರೆ. ಮುಂಬರುವ ಚುನಾವಣೆಯಲ್ಲಿ ಭಾರಿ ಬಹುಮತದಿಂದ ಗೆಲ್ಲಿಸುವ ವಿಶ್ವಾಸವಿದೆ ಎಂದು ಹೇಳಿದರು. ಈ ವೇಳೆ ಮುಖಂಡರು, ಗ್ರಾಪಂ ಸದಸ್ಯರು, ಕಾರ್ಯಕರ್ತರು ಹಾಜರಿದ್ದರು.
ಹನಗೋಡು ಗ್ರಾಮದ ಬ್ಯಾಂಕ್ ಕಾಂಗ್ರೆಸ್ ಕಾರ್ಯಕರ್ತರು ಎಂ.ಟಿ.ಬಿ. ಫ್ಯಾನ್ಸ್ ಅಸೋಸಿಯೇಷನ್ ಆಶ್ರಯದಲ್ಲಿ ಅಭಿನಂದಿಸಲಾಯಿತು. ಉಪಾಧ್ಯಕ್ಷ ಹಾಗೂ ಮುಖಂಡರು ಹಾಜರಿದ್ದರು.
9	9
